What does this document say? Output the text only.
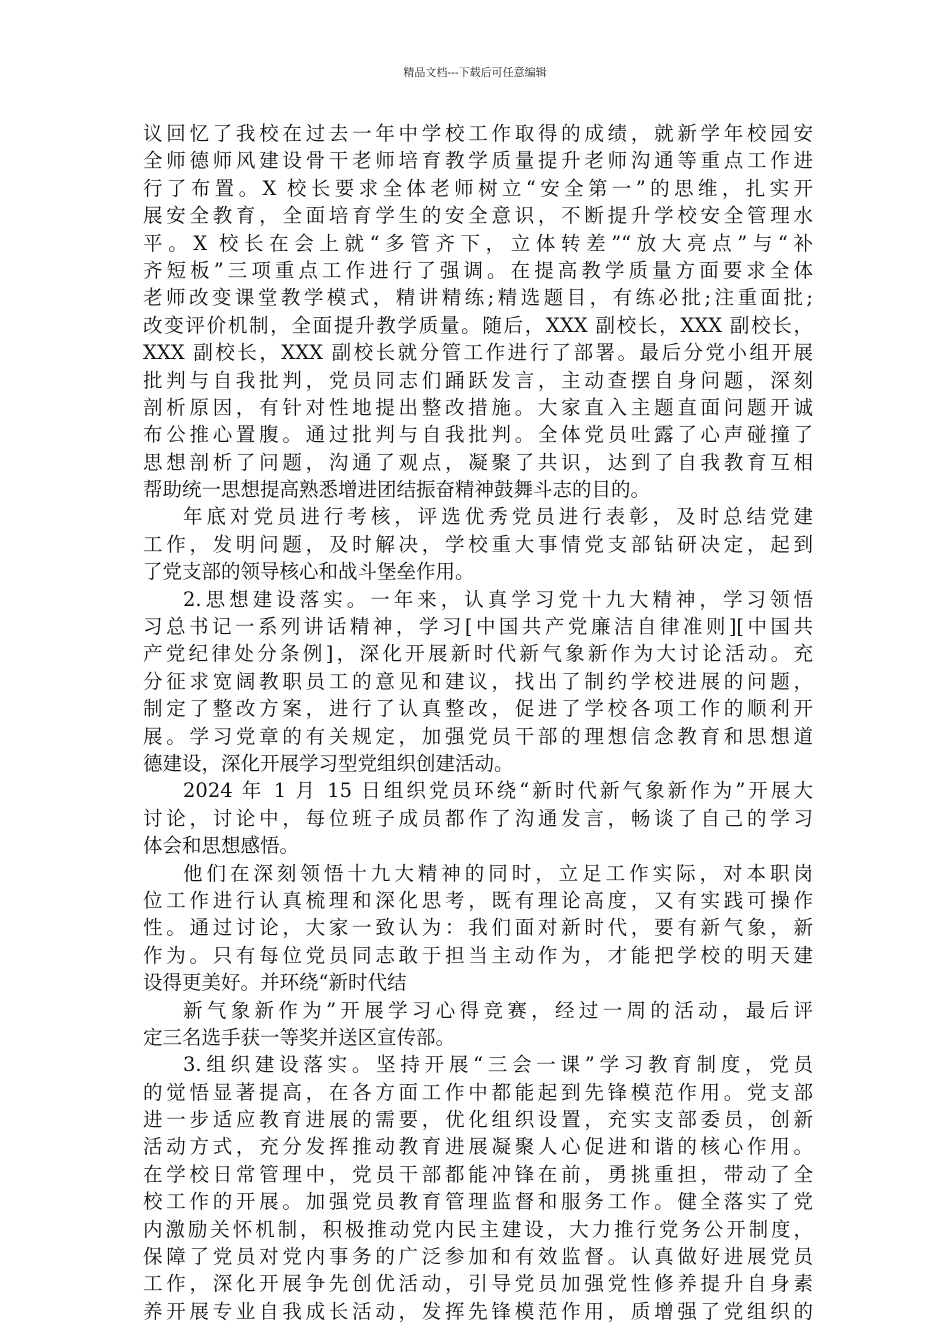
精品文档---下载后可任意编辑
议回忆了我校在过去一年中学校工作取得的成绩，就新学年校园安
全师德师风建设骨干老师培育教学质量提升老师沟通等重点工作进
行了布置。X 校长要求全体老师树立“安全第一”的思维，扎实开
展安全教育，全面培育学生的安全意识，不断提升学校安全管理水
平。X 校长在会上就“多管齐下，立体转差”“放大亮点”与“补
齐短板”三项重点工作进行了强调。在提高教学质量方面要求全体
老师改变课堂教学模式，精讲精练;精选题目，有练必批;注重面批;
改变评价机制，全面提升教学质量。随后，XXX 副校长，XXX 副校长，
XXX 副校长，XXX 副校长就分管工作进行了部署。最后分党小组开展
批判与自我批判，党员同志们踊跃发言，主动查摆自身问题，深刻
剖析原因，有针对性地提出整改措施。大家直入主题直面问题开诚
布公推心置腹。通过批判与自我批判。全体党员吐露了心声碰撞了
思想剖析了问题，沟通了观点，凝聚了共识，达到了自我教育互相
帮助统一思想提高熟悉增进团结振奋精神鼓舞斗志的目的。
年底对党员进行考核，评选优秀党员进行表彰，及时总结党建
工作，发明问题，及时解决，学校重大事情党支部钻研决定，起到
了党支部的领导核心和战斗堡垒作用。
2.思想建设落实。一年来，认真学习党十九大精神，学习领悟
习总书记一系列讲话精神，学习[中国共产党廉洁自律准则][中国共
产党纪律处分条例]，深化开展新时代新气象新作为大讨论活动。充
分征求宽阔教职员工的意见和建议，找出了制约学校进展的问题，
制定了整改方案，进行了认真整改，促进了学校各项工作的顺利开
展。学习党章的有关规定，加强党员干部的理想信念教育和思想道
德建设，深化开展学习型党组织创建活动。
2024 年 1 月 15 日组织党员环绕“新时代新气象新作为”开展大
讨论，讨论中，每位班子成员都作了沟通发言，畅谈了自己的学习
体会和思想感悟。
他们在深刻领悟十九大精神的同时，立足工作实际，对本职岗
位工作进行认真梳理和深化思考，既有理论高度，又有实践可操作
性。通过讨论，大家一致认为：我们面对新时代，要有新气象，新
作为。只有每位党员同志敢于担当主动作为，才能把学校的明天建
设得更美好。并环绕“新时代结
新气象新作为”开展学习心得竞赛，经过一周的活动，最后评
定三名选手获一等奖并送区宣传部。
3.组织建设落实。坚持开展“三会一课”学习教育制度，党员
的觉悟显著提高，在各方面工作中都能起到先锋模范作用。党支部
进一步适应教育进展的需要，优化组织设置，充实支部委员，创新
活动方式，充分发挥推动教育进展凝聚人心促进和谐的核心作用。
在学校日常管理中，党员干部都能冲锋在前，勇挑重担，带动了全
校工作的开展。加强党员教育管理监督和服务工作。健全落实了党
内激励关怀机制，积极推动党内民主建设，大力推行党务公开制度，
保障了党员对党内事务的广泛参加和有效监督。认真做好进展党员
工作，深化开展争先创优活动，引导党员加强党性修养提升自身素
养开展专业自我成长活动，发挥先锋模范作用，质增强了党组织的
